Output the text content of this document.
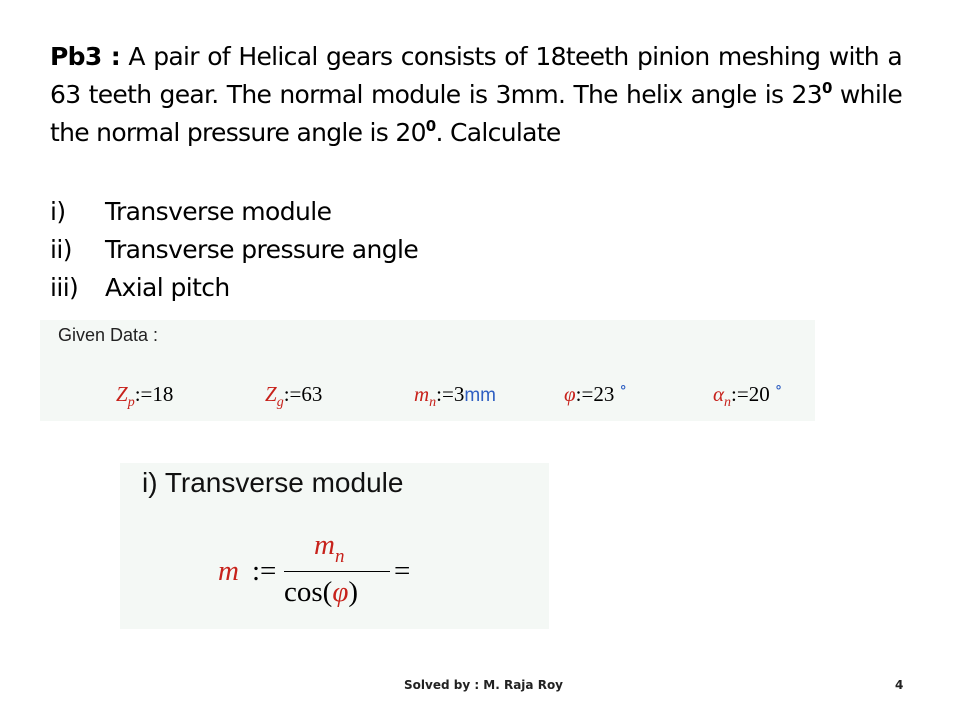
Pb3 : A pair of Helical gears consists of 18teeth pinion meshing with a 63 teeth gear. The normal module is 3mm. The helix angle is $23^0$ while the normal pressure angle is $20^0$. Calculate
i)	Transverse module
ii)	Transverse pressure angle
iii)	Axial pitch
Given Data :
$Z_p:=18$	$Z_g:=63$	$m_n:=3mm$	φ:=23 °	$\alpha_n:=20$ °
i) Transverse module
m :=
$m_n$
cos(φ)
=
Solved by : M. Raja Roy	4
